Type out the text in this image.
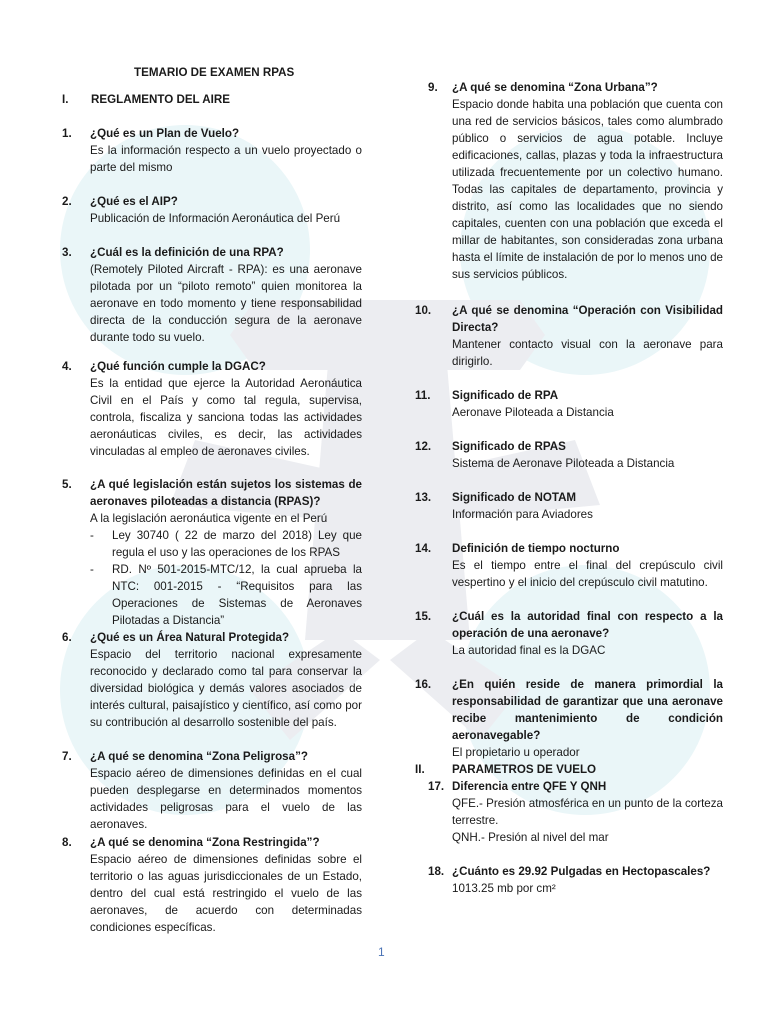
TEMARIO DE EXAMEN RPAS
I. REGLAMENTO DEL AIRE
1. ¿Qué es un Plan de Vuelo?
Es la información respecto a un vuelo proyectado o parte del mismo
2. ¿Qué es el AIP?
Publicación de Información Aeronáutica del Perú
3. ¿Cuál es la definición de una RPA?
(Remotely Piloted Aircraft - RPA): es una aeronave pilotada por un “piloto remoto” quien monitorea la aeronave en todo momento y tiene responsabilidad directa de la conducción segura de la aeronave durante todo su vuelo.
4. ¿Qué función cumple la DGAC?
Es la entidad que ejerce la Autoridad Aeronáutica Civil en el País y como tal regula, supervisa, controla, fiscaliza y sanciona todas las actividades aeronáuticas civiles, es decir, las actividades vinculadas al empleo de aeronaves civiles.
5. ¿A qué legislación están sujetos los sistemas de aeronaves piloteadas a distancia (RPAS)?
A la legislación aeronáutica vigente en el Perú
- Ley 30740 ( 22 de marzo del 2018) Ley que regula el uso y las operaciones de los RPAS
- RD. Nº 501-2015-MTC/12, la cual aprueba la NTC: 001-2015 - “Requisitos para las Operaciones de Sistemas de Aeronaves Pilotadas a Distancia”
6. ¿Qué es un Área Natural Protegida?
Espacio del territorio nacional expresamente reconocido y declarado como tal para conservar la diversidad biológica y demás valores asociados de interés cultural, paisajístico y científico, así como por su contribución al desarrollo sostenible del país.
7. ¿A qué se denomina “Zona Peligrosa”?
Espacio aéreo de dimensiones definidas en el cual pueden desplegarse en determinados momentos actividades peligrosas para el vuelo de las aeronaves.
8. ¿A qué se denomina “Zona Restringida”?
Espacio aéreo de dimensiones definidas sobre el territorio o las aguas jurisdiccionales de un Estado, dentro del cual está restringido el vuelo de las aeronaves, de acuerdo con determinadas condiciones específicas.
9. ¿A qué se denomina “Zona Urbana”?
Espacio donde habita una población que cuenta con una red de servicios básicos, tales como alumbrado público o servicios de agua potable. Incluye edificaciones, callas, plazas y toda la infraestructura utilizada frecuentemente por un colectivo humano. Todas las capitales de departamento, provincia y distrito, así como las localidades que no siendo capitales, cuenten con una población que exceda el millar de habitantes, son consideradas zona urbana hasta el límite de instalación de por lo menos uno de sus servicios públicos.
10. ¿A qué se denomina “Operación con Visibilidad Directa?
Mantener contacto visual con la aeronave para dirigirlo.
11. Significado de RPA
Aeronave Piloteada a Distancia
12. Significado de RPAS
Sistema de Aeronave Piloteada a Distancia
13. Significado de NOTAM
Información para Aviadores
14. Definición de tiempo nocturno
Es el tiempo entre el final del crepúsculo civil vespertino y el inicio del crepúsculo civil matutino.
15. ¿Cuál es la autoridad final con respecto a la operación de una aeronave?
La autoridad final es la DGAC
16. ¿En quién reside de manera primordial la responsabilidad de garantizar que una aeronave recibe mantenimiento de condición aeronavegable?
El propietario u operador
II. PARAMETROS DE VUELO
17. Diferencia entre QFE Y QNH
QFE.- Presión atmosférica en un punto de la corteza terrestre.
QNH.- Presión al nivel del mar
18. ¿Cuánto es 29.92 Pulgadas en Hectopascales?
1013.25 mb por cm²
1
